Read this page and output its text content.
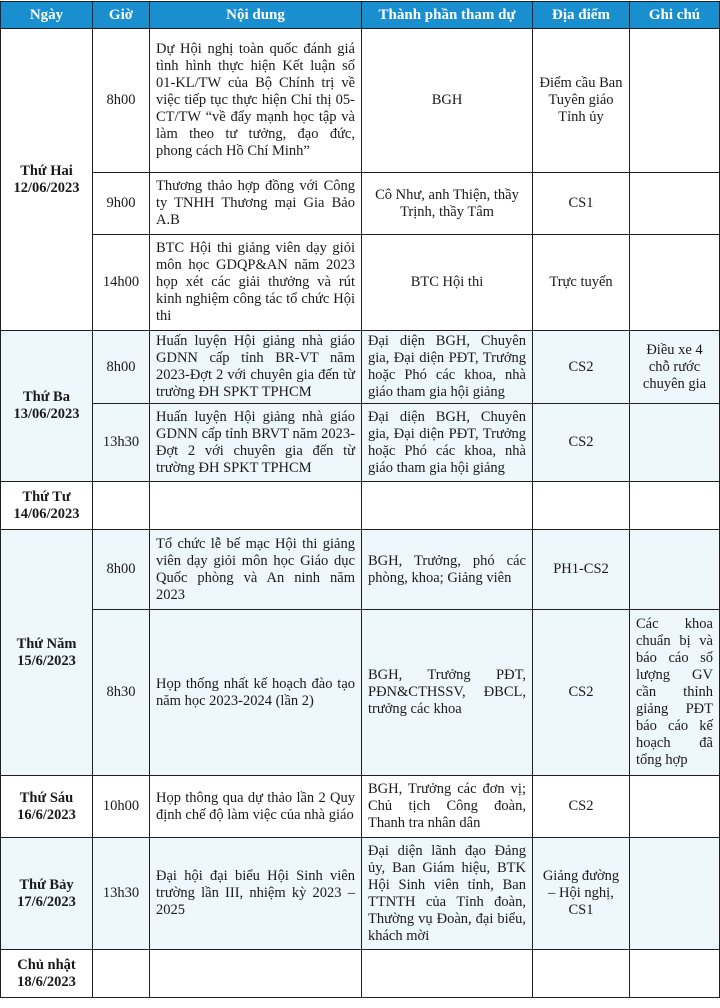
Ngày	Giờ	Nội dung	Thành phần tham dự	Địa điểm	Ghi chú
Thứ Hai
12/06/2023	8h00	Dự Hội nghị toàn quốc đánh giá tình hình thực hiện Kết luận số 01-KL/TW của Bộ Chính trị về việc tiếp tục thực hiện Chỉ thị 05-CT/TW “về đẩy mạnh học tập và làm theo tư tưởng, đạo đức, phong cách Hồ Chí Minh”	BGH	Điểm cầu Ban Tuyên giáo Tỉnh ủy	
	9h00	Thương thảo hợp đồng với Công ty TNHH Thương mại Gia Bảo A.B	Cô Như, anh Thiện, thầy Trịnh, thầy Tâm	CS1	
	14h00	BTC Hội thi giảng viên dạy giỏi môn học GDQP&AN năm 2023 họp xét các giải thưởng và rút kinh nghiệm công tác tổ chức Hội thi	BTC Hội thi	Trực tuyến	
Thứ Ba
13/06/2023	8h00	Huấn luyện Hội giảng nhà giáo GDNN cấp tỉnh BR-VT năm 2023-Đợt 2 với chuyên gia đến từ trường ĐH SPKT TPHCM	Đại diện BGH, Chuyên gia, Đại diện PĐT, Trưởng hoặc Phó các khoa, nhà giáo tham gia hội giảng	CS2	Điều xe 4 chỗ rước chuyên gia
	13h30	Huấn luyện Hội giảng nhà giáo GDNN cấp tỉnh BRVT năm 2023-Đợt 2 với chuyên gia đến từ trường ĐH SPKT TPHCM	Đại diện BGH, Chuyên gia, Đại diện PĐT, Trưởng hoặc Phó các khoa, nhà giáo tham gia hội giảng	CS2	
Thứ Tư
14/06/2023					
Thứ Năm
15/6/2023	8h00	Tổ chức lễ bế mạc Hội thi giảng viên dạy giỏi môn học Giáo dục Quốc phòng và An ninh năm 2023	BGH, Trưởng, phó các phòng, khoa; Giảng viên	PH1-CS2	
	8h30	Họp thống nhất kế hoạch đào tạo năm học 2023-2024 (lần 2)	BGH, Trưởng PĐT, PĐN&CTHSSV, ĐBCL, trưởng các khoa	CS2	Các khoa chuẩn bị và báo cáo số lượng GV cần thỉnh giảng PĐT báo cáo kế hoạch đã tổng hợp
Thứ Sáu
16/6/2023	10h00	Họp thông qua dự thảo lần 2 Quy định chế độ làm việc của nhà giáo	BGH, Trưởng các đơn vị; Chủ tịch Công đoàn, Thanh tra nhân dân	CS2	
Thứ Bảy
17/6/2023	13h30	Đại hội đại biểu Hội Sinh viên trường lần III, nhiệm kỳ 2023 – 2025	Đại diện lãnh đạo Đảng ủy, Ban Giám hiệu, BTK Hội Sinh viên tỉnh, Ban TTNTH của Tỉnh đoàn, Thường vụ Đoàn, đại biểu, khách mời	Giảng đường – Hội nghị, CS1	
Chủ nhật
18/6/2023					
